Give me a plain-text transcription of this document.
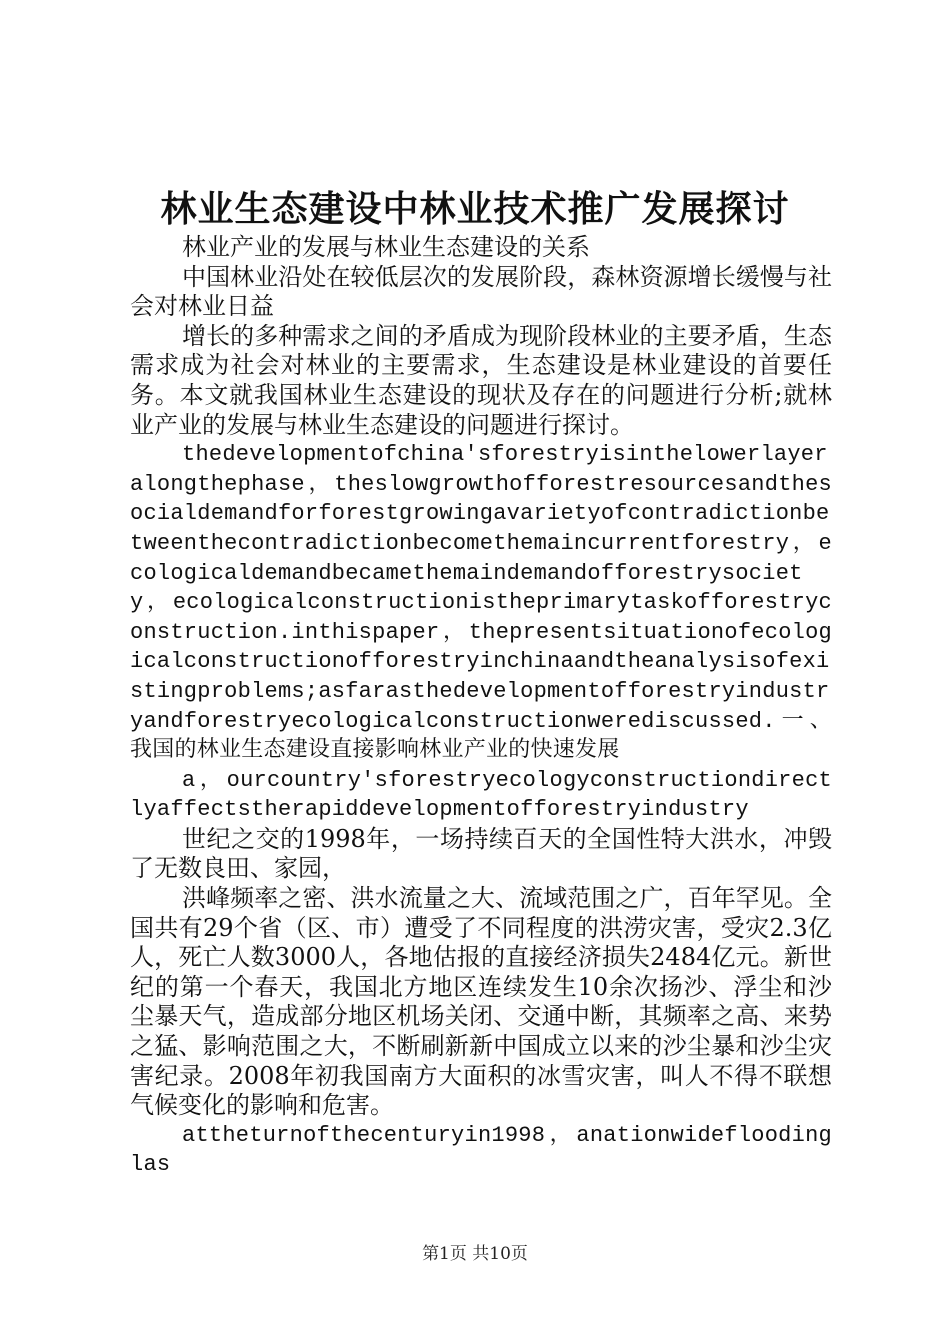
林业生态建设中林业技术推广发展探讨

林业产业的发展与林业生态建设的关系

中国林业沿处在较低层次的发展阶段，森林资源增长缓慢与社会对林业日益

增长的多种需求之间的矛盾成为现阶段林业的主要矛盾，生态需求成为社会对林业的主要需求，生态建设是林业建设的首要任务。本文就我国林业生态建设的现状及存在的问题进行分析;就林业产业的发展与林业生态建设的问题进行探讨。

thedevelopmentofchina'sforestryisinthelowerlayeralongthephase，theslowgrowthofforestresourcesandthesocialdemandforforestgrowingavarietyofcontradictionbetweenthecontradictionbecomethemaincurrentforestry，ecologicaldemandbecamethemaindemandofforestrysociety，ecologicalconstructionistheprimarytaskofforestryconstruction.inthispaper，thepresentsituationofecologicalconstructionofforestryinchinaandtheanalysisofexistingproblems;asfarasthedevelopmentofforestryindustryandforestryecologicalconstructionwerediscussed.一、我国的林业生态建设直接影响林业产业的快速发展

a，ourcountry'sforestryecologyconstructiondirectlyaffectstherapiddevelopmentofforestryindustry

世纪之交的1998年，一场持续百天的全国性特大洪水，冲毁了无数良田、家园，

洪峰频率之密、洪水流量之大、流域范围之广，百年罕见。全国共有29个省（区、市）遭受了不同程度的洪涝灾害，受灾2.3亿人，死亡人数3000人，各地估报的直接经济损失2484亿元。新世纪的第一个春天，我国北方地区连续发生10余次扬沙、浮尘和沙尘暴天气，造成部分地区机场关闭、交通中断，其频率之高、来势之猛、影响范围之大，不断刷新新中国成立以来的沙尘暴和沙尘灾害纪录。2008年初我国南方大面积的冰雪灾害，叫人不得不联想气候变化的影响和危害。

attheturnofthecenturyin1998，anationwidefloodinglas

第1页 共10页
